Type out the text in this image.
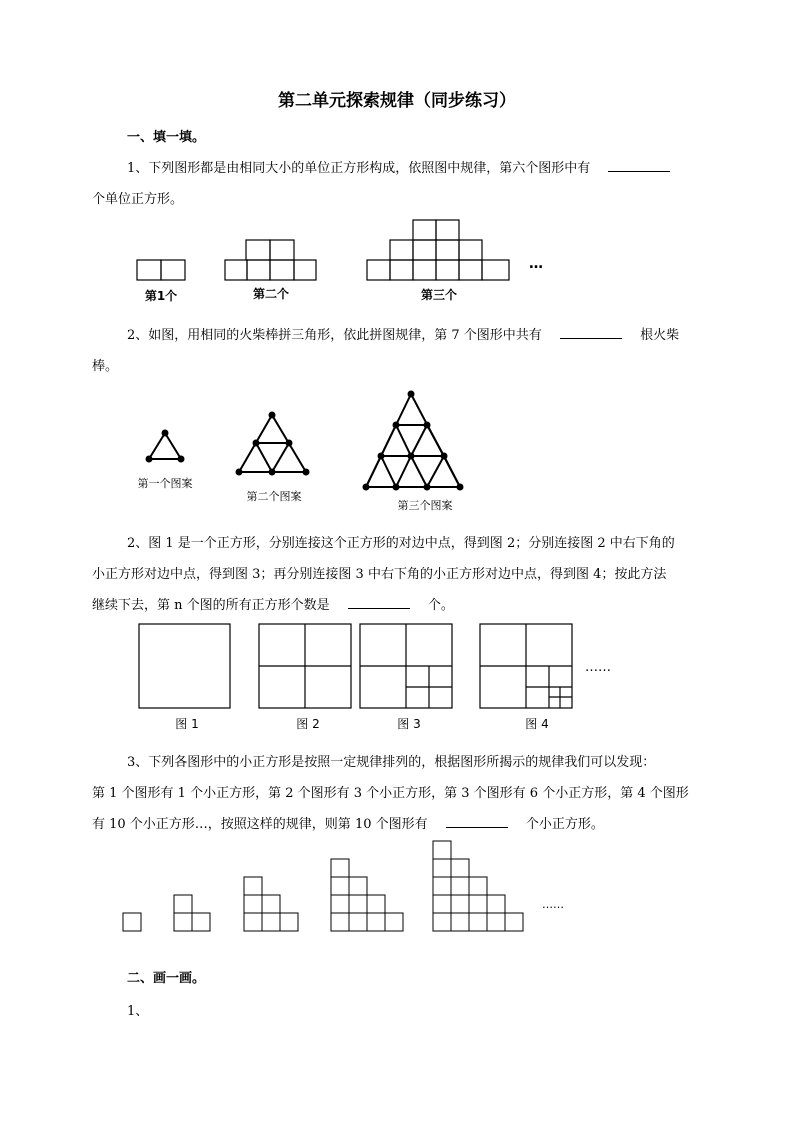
第二单元探索规律（同步练习）
一、填一填。
1、下列图形都是由相同大小的单位正方形构成，依照图中规律，第六个图形中有
个单位正方形。
第1个	第二个	第三个
…
2、如图，用相同的火柴棒拼三角形，依此拼图规律，第 7 个图形中共有	根火柴
棒。
第一个图案
第二个图案
第三个图案
2、图 1 是一个正方形，分别连接这个正方形的对边中点，得到图 2；分别连接图 2 中右下角的
小正方形对边中点，得到图 3；再分别连接图 3 中右下角的小正方形对边中点，得到图 4；按此方法
继续下去，第 n 个图的所有正方形个数是	个。
图 1	图 2	图 3	图 4
……
3、下列各图形中的小正方形是按照一定规律排列的，根据图形所揭示的规律我们可以发现：
第 1 个图形有 1 个小正方形，第 2 个图形有 3 个小正方形，第 3 个图形有 6 个小正方形，第 4 个图形
有 10 个小正方形…，按照这样的规律，则第 10 个图形有	个小正方形。
……
二、画一画。
1、
